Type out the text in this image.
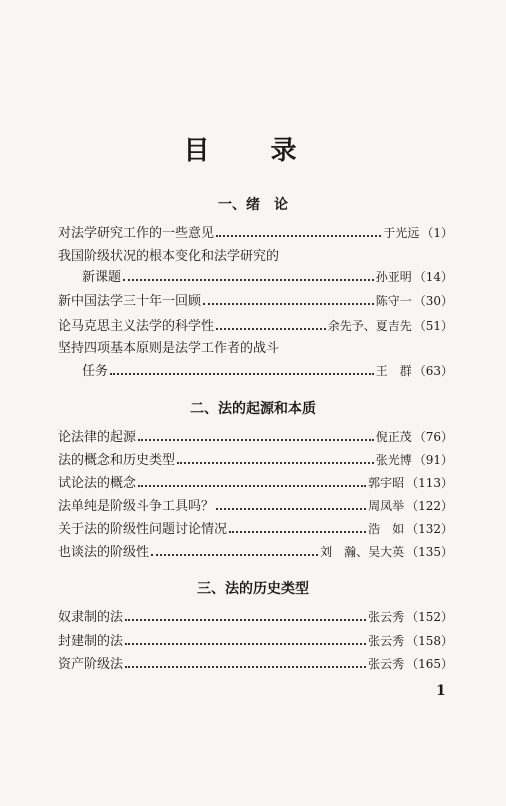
目 录
一、绪　论
对法学研究工作的一些意见	于光远 （1）
我国阶级状况的根本变化和法学研究的
新课题	孙亚明 （14）
新中国法学三十年一回顾	陈守一 （30）
论马克思主义法学的科学性	余先予、夏吉先 （51）
坚持四项基本原则是法学工作者的战斗
任务	王　群 （63）
二、法的起源和本质
论法律的起源	倪正茂 （76）
法的概念和历史类型	张光博 （91）
试论法的概念	郭宇昭 （113）
法单纯是阶级斗争工具吗？	周凤举 （122）
关于法的阶级性问题讨论情况	浩　如 （132）
也谈法的阶级性	刘　瀚、吴大英 （135）
三、法的历史类型
奴隶制的法	张云秀 （152）
封建制的法	张云秀 （158）
资产阶级法	张云秀 （165）
1
